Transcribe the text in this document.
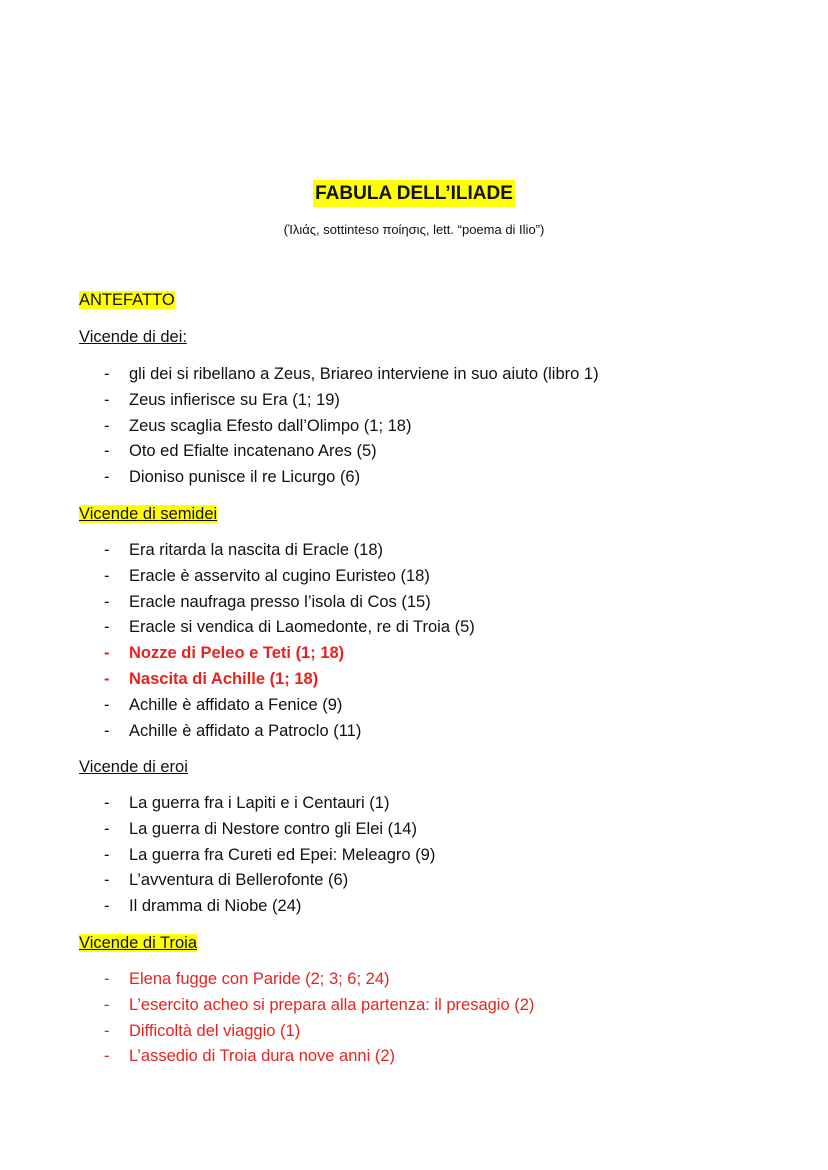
FABULA DELL’ILIADE
(Ἰλιάς, sottinteso ποίησις, lett. “poema di Ilio”)
ANTEFATTO
Vicende di dei:
- gli dei si ribellano a Zeus, Briareo interviene in suo aiuto (libro 1)
- Zeus infierisce su Era (1; 19)
- Zeus scaglia Efesto dall’Olimpo (1; 18)
- Oto ed Efialte incatenano Ares (5)
- Dioniso punisce il re Licurgo (6)
Vicende di semidei
- Era ritarda la nascita di Eracle (18)
- Eracle è asservito al cugino Euristeo (18)
- Eracle naufraga presso l’isola di Cos (15)
- Eracle si vendica di Laomedonte, re di Troia (5)
- Nozze di Peleo e Teti (1; 18)
- Nascita di Achille (1; 18)
- Achille è affidato a Fenice (9)
- Achille è affidato a Patroclo (11)
Vicende di eroi
- La guerra fra i Lapiti e i Centauri (1)
- La guerra di Nestore contro gli Elei (14)
- La guerra fra Cureti ed Epei: Meleagro (9)
- L’avventura di Bellerofonte (6)
- Il dramma di Niobe (24)
Vicende di Troia
- Elena fugge con Paride (2; 3; 6; 24)
- L’esercito acheo si prepara alla partenza: il presagio (2)
- Difficoltà del viaggio (1)
- L’assedio di Troia dura nove anni (2)
